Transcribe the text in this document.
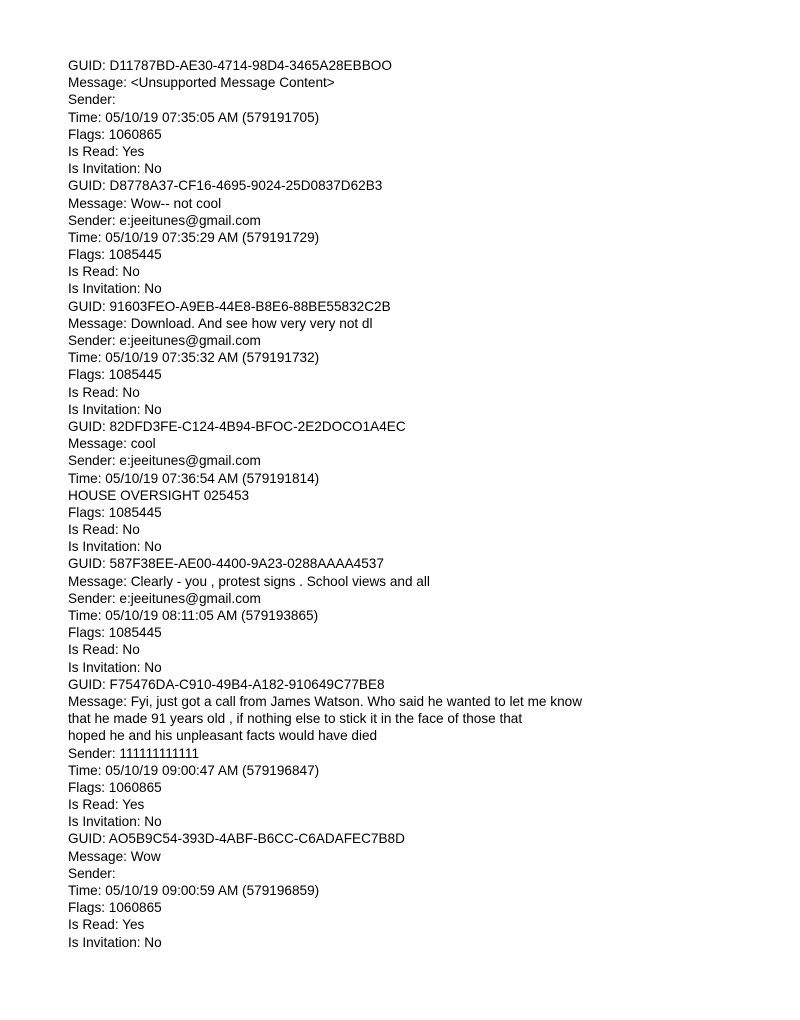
GUID: D11787BD-AE30-4714-98D4-3465A28EBBOO
Message: <Unsupported Message Content>
Sender:
Time: 05/10/19 07:35:05 AM (579191705)
Flags: 1060865
Is Read: Yes
Is Invitation: No
GUID: D8778A37-CF16-4695-9024-25D0837D62B3
Message: Wow-- not cool
Sender: e:jeeitunes@gmail.com
Time: 05/10/19 07:35:29 AM (579191729)
Flags: 1085445
Is Read: No
Is Invitation: No
GUID: 91603FEO-A9EB-44E8-B8E6-88BE55832C2B
Message: Download. And see how very very not dl
Sender: e:jeeitunes@gmail.com
Time: 05/10/19 07:35:32 AM (579191732)
Flags: 1085445
Is Read: No
Is Invitation: No
GUID: 82DFD3FE-C124-4B94-BFOC-2E2DOCO1A4EC
Message: cool
Sender: e:jeeitunes@gmail.com
Time: 05/10/19 07:36:54 AM (579191814)
HOUSE OVERSIGHT 025453
Flags: 1085445
Is Read: No
Is Invitation: No
GUID: 587F38EE-AE00-4400-9A23-0288AAAA4537
Message: Clearly - you , protest signs . School views and all
Sender: e:jeeitunes@gmail.com
Time: 05/10/19 08:11:05 AM (579193865)
Flags: 1085445
Is Read: No
Is Invitation: No
GUID: F75476DA-C910-49B4-A182-910649C77BE8
Message: Fyi, just got a call from James Watson. Who said he wanted to let me know
that he made 91 years old , if nothing else to stick it in the face of those that
hoped he and his unpleasant facts would have died
Sender: 111111111111
Time: 05/10/19 09:00:47 AM (579196847)
Flags: 1060865
Is Read: Yes
Is Invitation: No
GUID: AO5B9C54-393D-4ABF-B6CC-C6ADAFEC7B8D
Message: Wow
Sender:
Time: 05/10/19 09:00:59 AM (579196859)
Flags: 1060865
Is Read: Yes
Is Invitation: No
